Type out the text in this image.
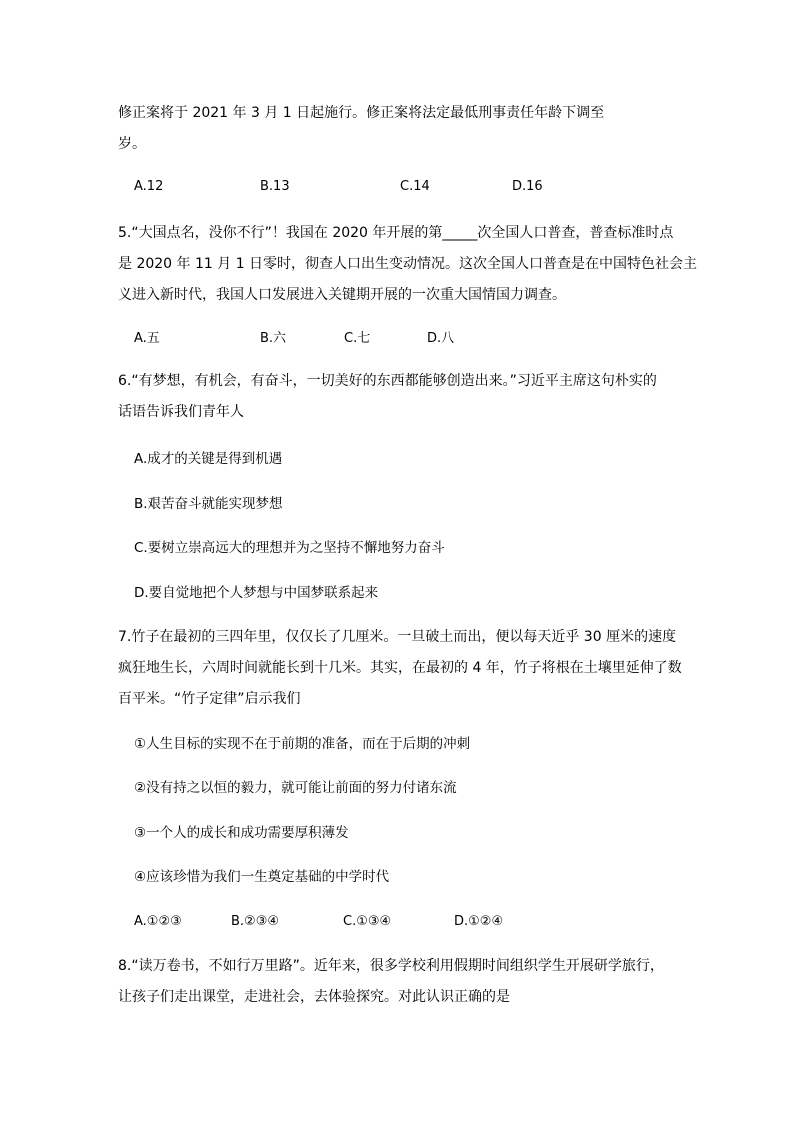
修正案将于 2021 年 3 月 1 日起施行。修正案将法定最低刑事责任年龄下调至
岁。
A.12	B.13	C.14	D.16
5.“大国点名，没你不行”！我国在 2020 年开展的第_____次全国人口普查，普查标准时点
是 2020 年 11 月 1 日零时，彻查人口出生变动情况。这次全国人口普查是在中国特色社会主
义进入新时代，我国人口发展进入关键期开展的一次重大国情国力调查。
A.五	B.六	C.七	D.八
6.“有梦想，有机会，有奋斗，一切美好的东西都能够创造出来。”习近平主席这句朴实的
话语告诉我们青年人
A.成才的关键是得到机遇
B.艰苦奋斗就能实现梦想
C.要树立崇高远大的理想并为之坚持不懈地努力奋斗
D.要自觉地把个人梦想与中国梦联系起来
7.竹子在最初的三四年里，仅仅长了几厘米。一旦破土而出，便以每天近乎 30 厘米的速度
疯狂地生长，六周时间就能长到十几米。其实，在最初的 4 年，竹子将根在土壤里延伸了数
百平米。“竹子定律”启示我们
①人生目标的实现不在于前期的准备，而在于后期的冲刺
②没有持之以恒的毅力，就可能让前面的努力付诸东流
③一个人的成长和成功需要厚积薄发
④应该珍惜为我们一生奠定基础的中学时代
A.①②③	B.②③④	C.①③④	D.①②④
8.“读万卷书，不如行万里路”。近年来，很多学校利用假期时间组织学生开展研学旅行，
让孩子们走出课堂，走进社会，去体验探究。对此认识正确的是
